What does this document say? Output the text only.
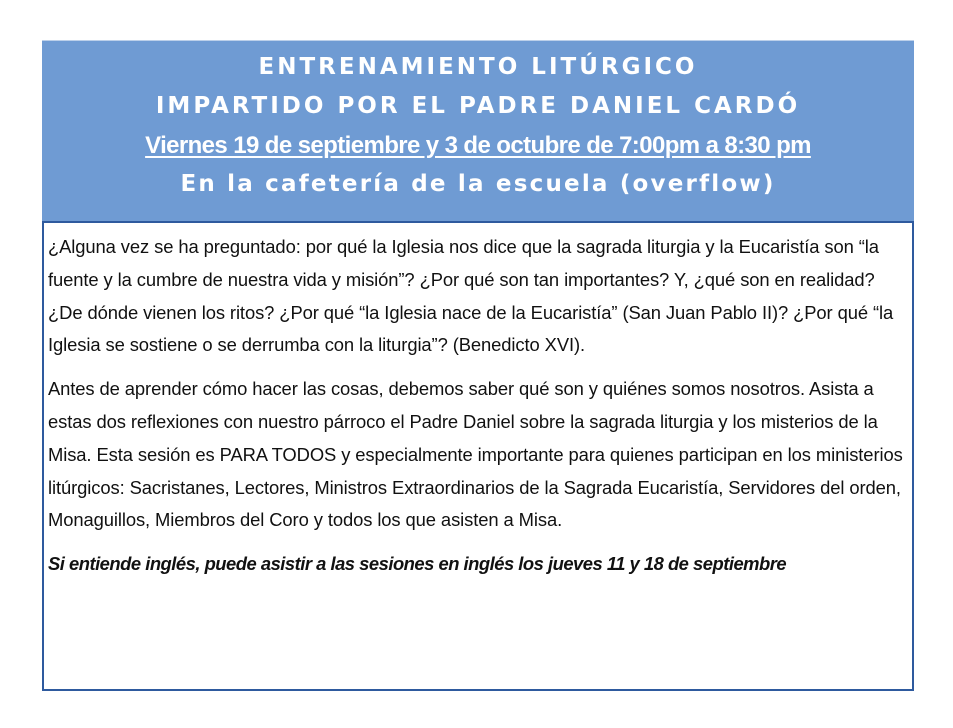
ENTRENAMIENTO LITÚRGICO
IMPARTIDO POR EL PADRE DANIEL CARDÓ
Viernes 19 de septiembre y 3 de octubre de 7:00pm a 8:30 pm
En la cafetería de la escuela (overflow)

¿Alguna vez se ha preguntado: por qué la Iglesia nos dice que la sagrada liturgia y la Eucaristía son “la fuente y la cumbre de nuestra vida y misión”? ¿Por qué son tan importantes? Y, ¿qué son en realidad? ¿De dónde vienen los ritos? ¿Por qué “la Iglesia nace de la Eucaristía” (San Juan Pablo II)? ¿Por qué “la Iglesia se sostiene o se derrumba con la liturgia”? (Benedicto XVI).

Antes de aprender cómo hacer las cosas, debemos saber qué son y quiénes somos nosotros. Asista a estas dos reflexiones con nuestro párroco el Padre Daniel sobre la sagrada liturgia y los misterios de la Misa. Esta sesión es PARA TODOS y especialmente importante para quienes participan en los ministerios litúrgicos: Sacristanes, Lectores, Ministros Extraordinarios de la Sagrada Eucaristía, Servidores del orden, Monaguillos, Miembros del Coro y todos los que asisten a Misa.

Si entiende inglés, puede asistir a las sesiones en inglés los jueves 11 y 18 de septiembre
